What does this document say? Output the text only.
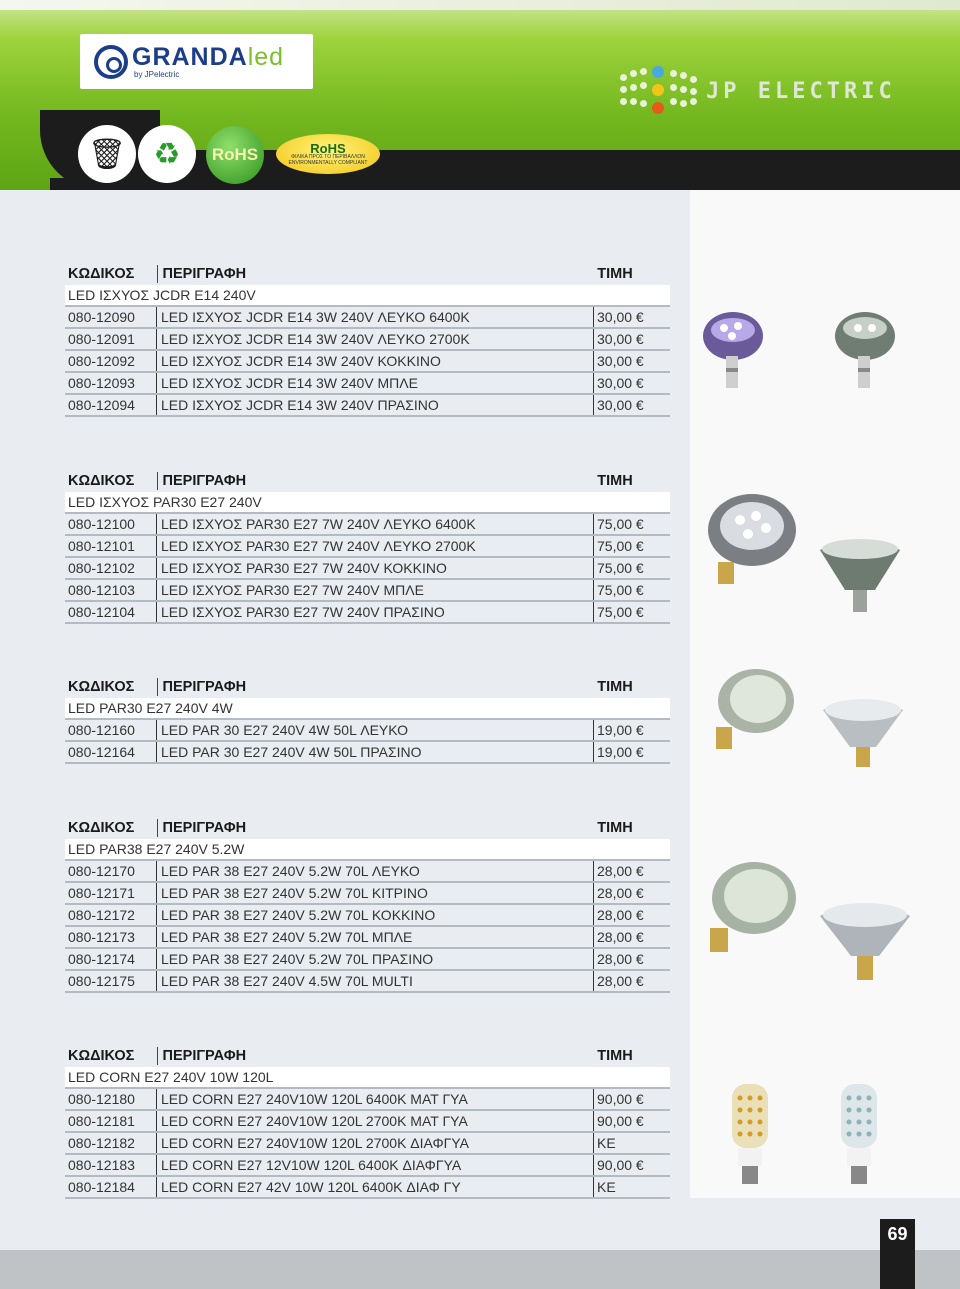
GRANDAled
by JPelectric
JP ELECTRIC
🗑 ♻	RoHS	RoHS
ΦΙΛΙΚΑ ΠΡΟΣ ΤΟ ΠΕΡΙΒΑΛΛΟΝ
ENVIRONMENTALLY COMPLIANT
ΚΩΔΙΚΟΣ	ΠΕΡΙΓΡΑΦΗ	ΤΙΜΗ
LED ΙΣΧΥΟΣ JCDR E14 240V
080-12090	LED ΙΣΧΥΟΣ JCDR E14 3W 240V ΛΕΥΚΟ 6400K	30,00 €
080-12091	LED ΙΣΧΥΟΣ JCDR E14 3W 240V ΛΕΥΚΟ 2700K	30,00 €
080-12092	LED ΙΣΧΥΟΣ JCDR E14 3W 240V ΚΟΚΚΙΝΟ	30,00 €
080-12093	LED ΙΣΧΥΟΣ JCDR E14 3W 240V ΜΠΛΕ	30,00 €
080-12094	LED ΙΣΧΥΟΣ JCDR E14 3W 240V ΠΡΑΣΙΝΟ	30,00 €
ΚΩΔΙΚΟΣ	ΠΕΡΙΓΡΑΦΗ	ΤΙΜΗ
LED ΙΣΧΥΟΣ PAR30 E27 240V
080-12100	LED ΙΣΧΥΟΣ PAR30 E27 7W 240V ΛΕΥΚΟ 6400K	75,00 €
080-12101	LED ΙΣΧΥΟΣ PAR30 E27 7W 240V ΛΕΥΚΟ 2700K	75,00 €
080-12102	LED ΙΣΧΥΟΣ PAR30 E27 7W 240V ΚΟΚΚΙΝΟ	75,00 €
080-12103	LED ΙΣΧΥΟΣ PAR30 E27 7W 240V ΜΠΛΕ	75,00 €
080-12104	LED ΙΣΧΥΟΣ PAR30 E27 7W 240V ΠΡΑΣΙΝΟ	75,00 €
ΚΩΔΙΚΟΣ	ΠΕΡΙΓΡΑΦΗ	ΤΙΜΗ
LED PAR30 E27 240V 4W
080-12160	LED PAR 30 E27 240V 4W 50L ΛΕΥΚΟ	19,00 €
080-12164	LED PAR 30 E27 240V 4W 50L ΠΡΑΣΙΝΟ	19,00 €
ΚΩΔΙΚΟΣ	ΠΕΡΙΓΡΑΦΗ	ΤΙΜΗ
LED PAR38 E27 240V 5.2W
080-12170	LED PAR 38 E27 240V 5.2W 70L ΛΕΥΚΟ	28,00 €
080-12171	LED PAR 38 E27 240V 5.2W 70L ΚΙΤΡΙΝΟ	28,00 €
080-12172	LED PAR 38 E27 240V 5.2W 70L ΚΟΚΚΙΝΟ	28,00 €
080-12173	LED PAR 38 E27 240V 5.2W 70L ΜΠΛΕ	28,00 €
080-12174	LED PAR 38 E27 240V 5.2W 70L ΠΡΑΣΙΝΟ	28,00 €
080-12175	LED PAR 38 E27 240V 4.5W 70L MULTI	28,00 €
ΚΩΔΙΚΟΣ	ΠΕΡΙΓΡΑΦΗ	ΤΙΜΗ
LED CORN E27 240V 10W 120L
080-12180	LED CORN E27 240V10W 120L 6400K ΜΑΤ ΓΥΑ	90,00 €
080-12181	LED CORN E27 240V10W 120L 2700K ΜΑΤ ΓΥΑ	90,00 €
080-12182	LED CORN E27 240V10W 120L 2700K ΔΙΑΦΓΥΑ	ΚΕ
080-12183	LED CORN E27 12V10W 120L 6400K ΔΙΑΦΓΥΑ	90,00 €
080-12184	LED CORN E27 42V 10W 120L 6400K ΔΙΑΦ ΓΥ	ΚΕ
69
